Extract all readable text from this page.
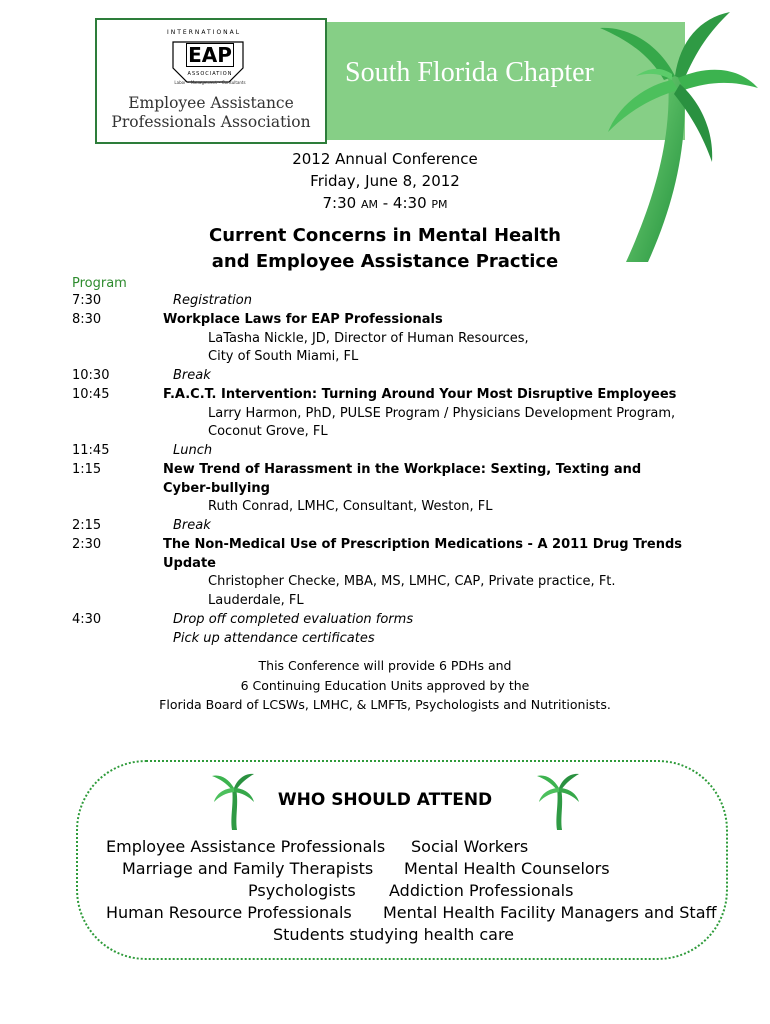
South Florida Chapter
INTERNATIONAL
EAP
ASSOCIATION
Labor • Management • Consultants
Employee Assistance
Professionals Association
2012 Annual Conference
Friday, June 8, 2012
7:30 AM - 4:30 PM
Current Concerns in Mental Health
and Employee Assistance Practice
Program
7:30	Registration
8:30	Workplace Laws for EAP Professionals
LaTasha Nickle, JD, Director of Human Resources,
City of South Miami, FL
10:30	Break
10:45	F.A.C.T. Intervention: Turning Around Your Most Disruptive Employees
Larry Harmon, PhD, PULSE Program / Physicians Development Program,
Coconut Grove, FL
11:45	Lunch
1:15	New Trend of Harassment in the Workplace: Sexting, Texting and
Cyber-bullying
Ruth Conrad, LMHC, Consultant, Weston, FL
2:15	Break
2:30	The Non-Medical Use of Prescription Medications - A 2011 Drug Trends
Update
Christopher Checke, MBA, MS, LMHC, CAP, Private practice, Ft.
Lauderdale, FL
4:30	Drop off completed evaluation forms
Pick up attendance certificates
This Conference will provide 6 PDHs and
6 Continuing Education Units approved by the
Florida Board of LCSWs, LMHC, & LMFTs, Psychologists and Nutritionists.
WHO SHOULD ATTEND
Employee Assistance Professionals Social Workers
Marriage and Family Therapists Mental Health Counselors
Psychologists Addiction Professionals
Human Resource Professionals Mental Health Facility Managers and Staff
Students studying health care
